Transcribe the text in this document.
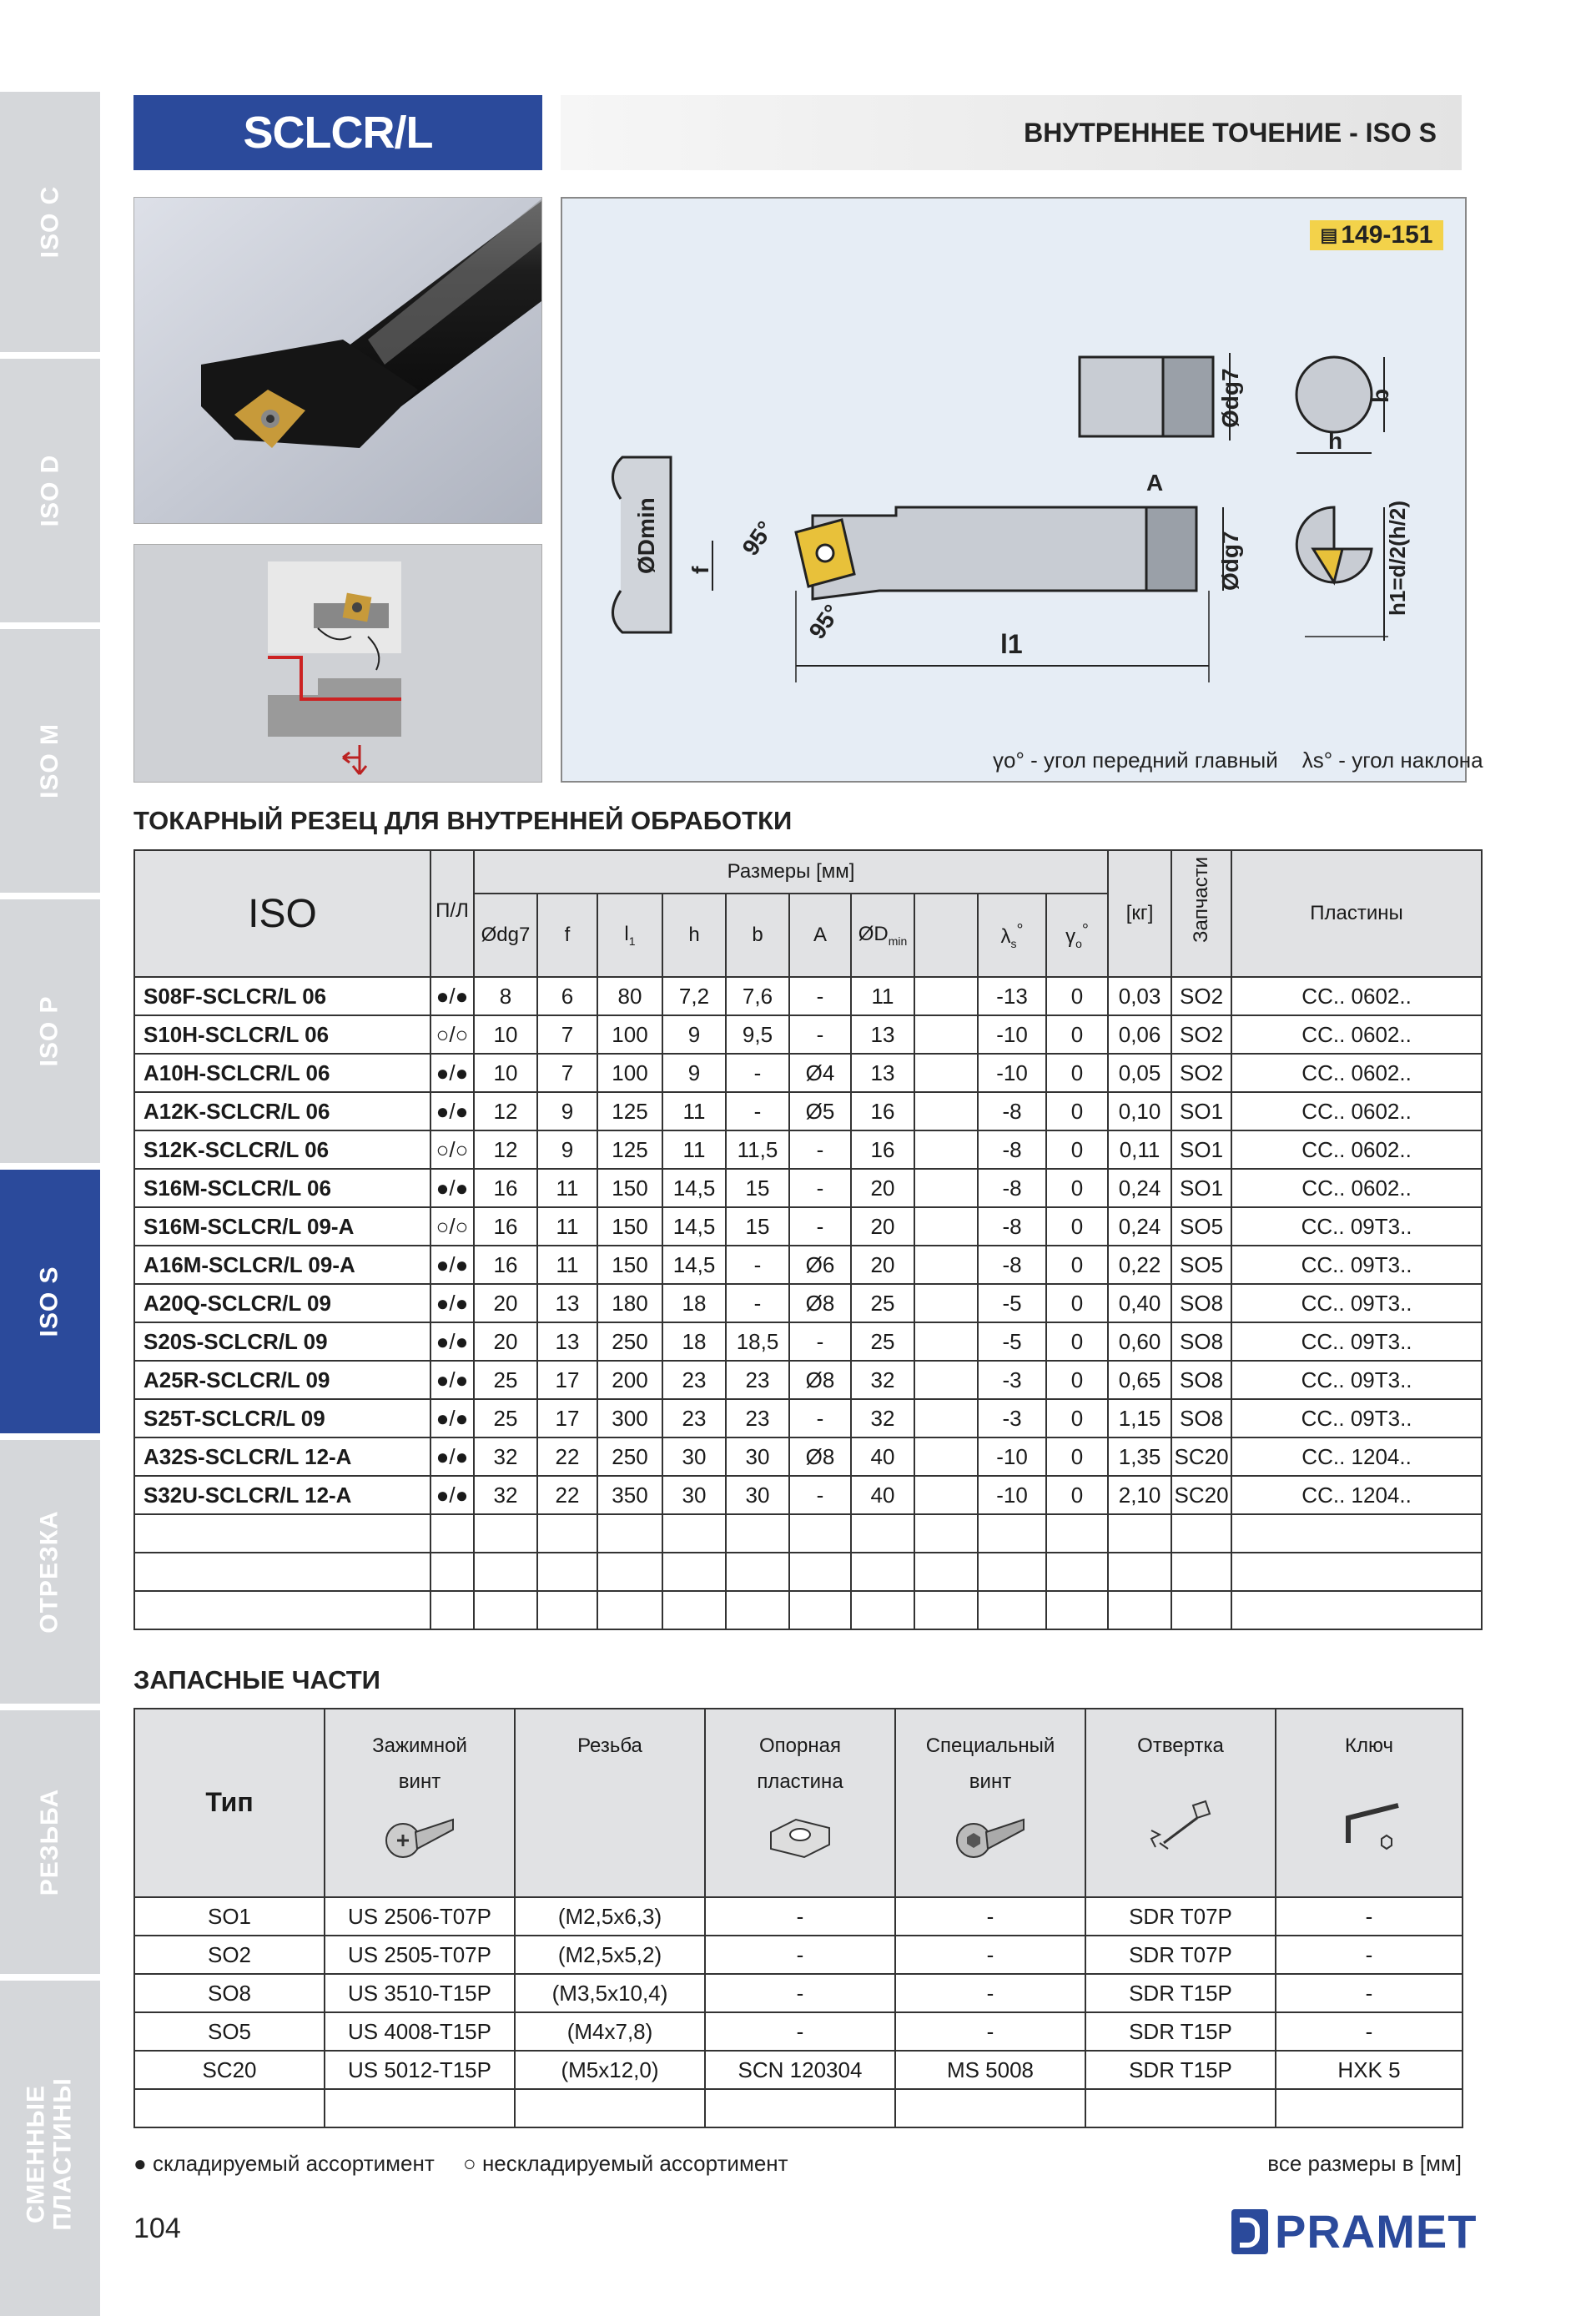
ISO C
ISO D
ISO M
ISO P
ISO S
ОТРЕЗКА
РЕЗЬБА
СМЕННЫЕ ПЛАСТИНЫ
SCLCR/L	ВНУТРЕННЕЕ ТОЧЕНИЕ - ISO S
ØDmin f
95°
95°
l1
A
Ødg7
Ødg7
b
h
h1=d/2(h/2)
▤ 149-151
γo° - угол передний главный λs° - угол наклона
ТОКАРНЫЙ РЕЗЕЦ ДЛЯ ВНУТРЕННЕЙ ОБРАБОТКИ
ISO	П/Л	Размеры [мм]										[кг]	Запчасти	Пластины
		Ødg7	f	$l_1$	h	b	A	$ØD_{min}$		$\lambda_s^\circ$	$\gamma_o^\circ$
S08F-SCLCR/L 06	●/●	8	6	80	7,2	7,6	-	11		-13	0	0,03	SO2	CC.. 0602..
S10H-SCLCR/L 06	○/○	10	7	100	9	9,5	-	13		-10	0	0,06	SO2	CC.. 0602..
A10H-SCLCR/L 06	●/●	10	7	100	9	-	Ø4	13		-10	0	0,05	SO2	CC.. 0602..
A12K-SCLCR/L 06	●/●	12	9	125	11	-	Ø5	16		-8	0	0,10	SO1	CC.. 0602..
S12K-SCLCR/L 06	○/○	12	9	125	11	11,5	-	16		-8	0	0,11	SO1	CC.. 0602..
S16M-SCLCR/L 06	●/●	16	11	150	14,5	15	-	20		-8	0	0,24	SO1	CC.. 0602..
S16M-SCLCR/L 09-A	○/○	16	11	150	14,5	15	-	20		-8	0	0,24	SO5	CC.. 09T3..
A16M-SCLCR/L 09-A	●/●	16	11	150	14,5	-	Ø6	20		-8	0	0,22	SO5	CC.. 09T3..
A20Q-SCLCR/L 09	●/●	20	13	180	18	-	Ø8	25		-5	0	0,40	SO8	CC.. 09T3..
S20S-SCLCR/L 09	●/●	20	13	250	18	18,5	-	25		-5	0	0,60	SO8	CC.. 09T3..
A25R-SCLCR/L 09	●/●	25	17	200	23	23	Ø8	32		-3	0	0,65	SO8	CC.. 09T3..
S25T-SCLCR/L 09	●/●	25	17	300	23	23	-	32		-3	0	1,15	SO8	CC.. 09T3..
A32S-SCLCR/L 12-A	●/●	32	22	250	30	30	Ø8	40		-10	0	1,35	SC20	CC.. 1204..
S32U-SCLCR/L 12-A	●/●	32	22	350	30	30	-	40		-10	0	2,10	SC20	CC.. 1204..

ЗАПАСНЫЕ ЧАСТИ
Тип	Зажимной винт	Резьба	Опорная пластина	Специальный винт	Отвертка	Ключ

SO1	US 2506-T07P	(M2,5x6,3)	-	-	SDR T07P	-
SO2	US 2505-T07P	(M2,5x5,2)	-	-	SDR T07P	-
SO8	US 3510-T15P	(M3,5x10,4)	-	-	SDR T15P	-
SO5	US 4008-T15P	(M4x7,8)	-	-	SDR T15P	-
SC20	US 5012-T15P	(M5x12,0)	SCN 120304	MS 5008	SDR T15P	HXK 5

● складируемый ассортимент ○ нескладируемый ассортимент	все размеры в [мм]
104	PRAMET
